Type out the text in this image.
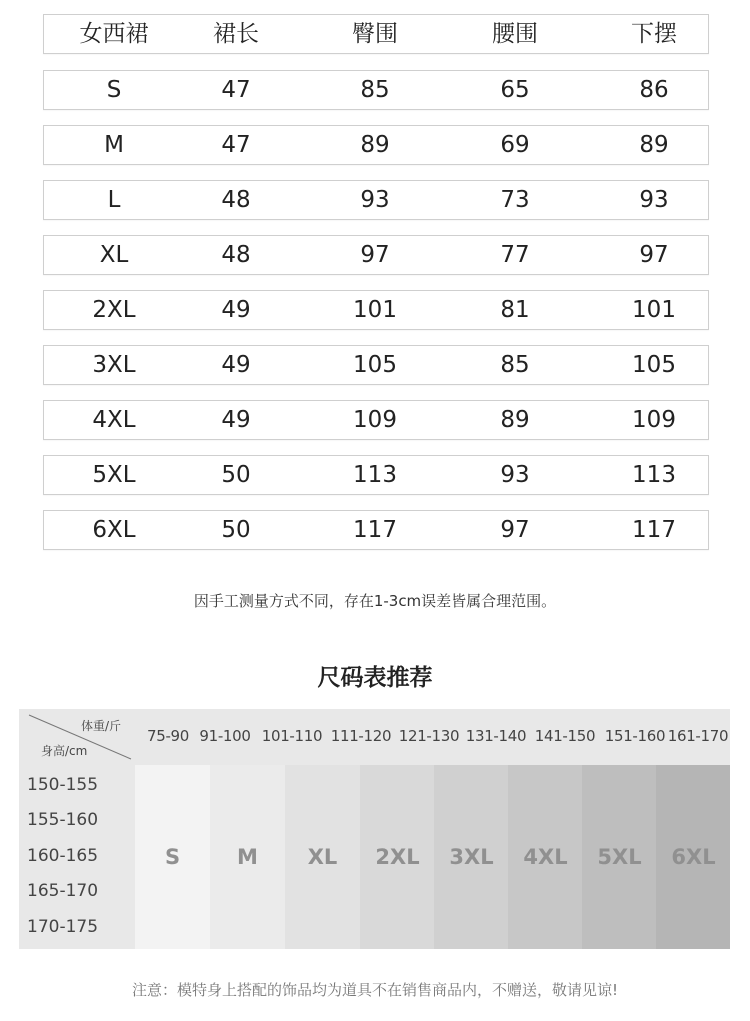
女西裙	裙长	臀围	腰围	下摆
S	47	85	65	86
M	47	89	69	89
L	48	93	73	93
XL	48	97	77	97
2XL	49	101	81	101
3XL	49	105	85	105
4XL	49	109	89	109
5XL	50	113	93	113
6XL	50	117	97	117
因手工测量方式不同，存在1-3cm误差皆属合理范围。
尺码表推荐
体重/斤
身高/cm
75-90 91-100 101-110 111-120 121-130 131-140 141-150 151-160 161-170
150-155
155-160
160-165
165-170
170-175
S	M XL 2XL 3XL 4XL 5XL 6XL
注意：模特身上搭配的饰品均为道具不在销售商品内，不赠送，敬请见谅!
